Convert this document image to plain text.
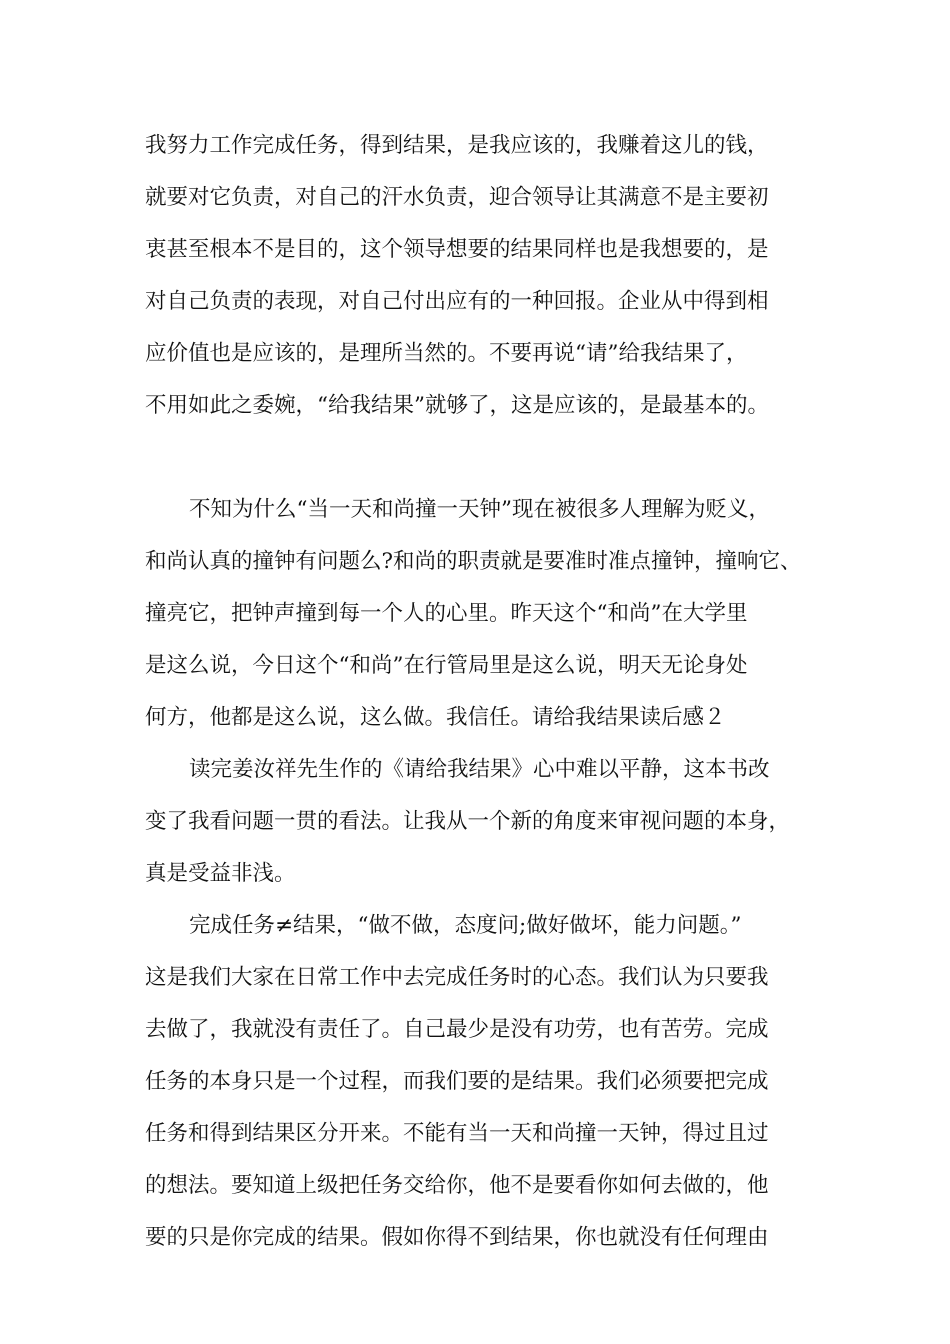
我努力工作完成任务，得到结果，是我应该的，我赚着这儿的钱，
就要对它负责，对自己的汗水负责，迎合领导让其满意不是主要初
衷甚至根本不是目的，这个领导想要的结果同样也是我想要的，是
对自己负责的表现，对自己付出应有的一种回报。企业从中得到相
应价值也是应该的，是理所当然的。不要再说“请”给我结果了，
不用如此之委婉，“给我结果”就够了，这是应该的，是最基本的。
不知为什么“当一天和尚撞一天钟”现在被很多人理解为贬义，
和尚认真的撞钟有问题么?和尚的职责就是要准时准点撞钟，撞响它、
撞亮它，把钟声撞到每一个人的心里。昨天这个“和尚”在大学里
是这么说，今日这个“和尚”在行管局里是这么说，明天无论身处
何方，他都是这么说，这么做。我信任。请给我结果读后感２
读完姜汝祥先生作的《请给我结果》心中难以平静，这本书改
变了我看问题一贯的看法。让我从一个新的角度来审视问题的本身，
真是受益非浅。
完成任务≠结果，“做不做，态度问;做好做坏，能力问题。”
这是我们大家在日常工作中去完成任务时的心态。我们认为只要我
去做了，我就没有责任了。自己最少是没有功劳，也有苦劳。完成
任务的本身只是一个过程，而我们要的是结果。我们必须要把完成
任务和得到结果区分开来。不能有当一天和尚撞一天钟，得过且过
的想法。要知道上级把任务交给你，他不是要看你如何去做的，他
要的只是你完成的结果。假如你得不到结果，你也就没有任何理由
